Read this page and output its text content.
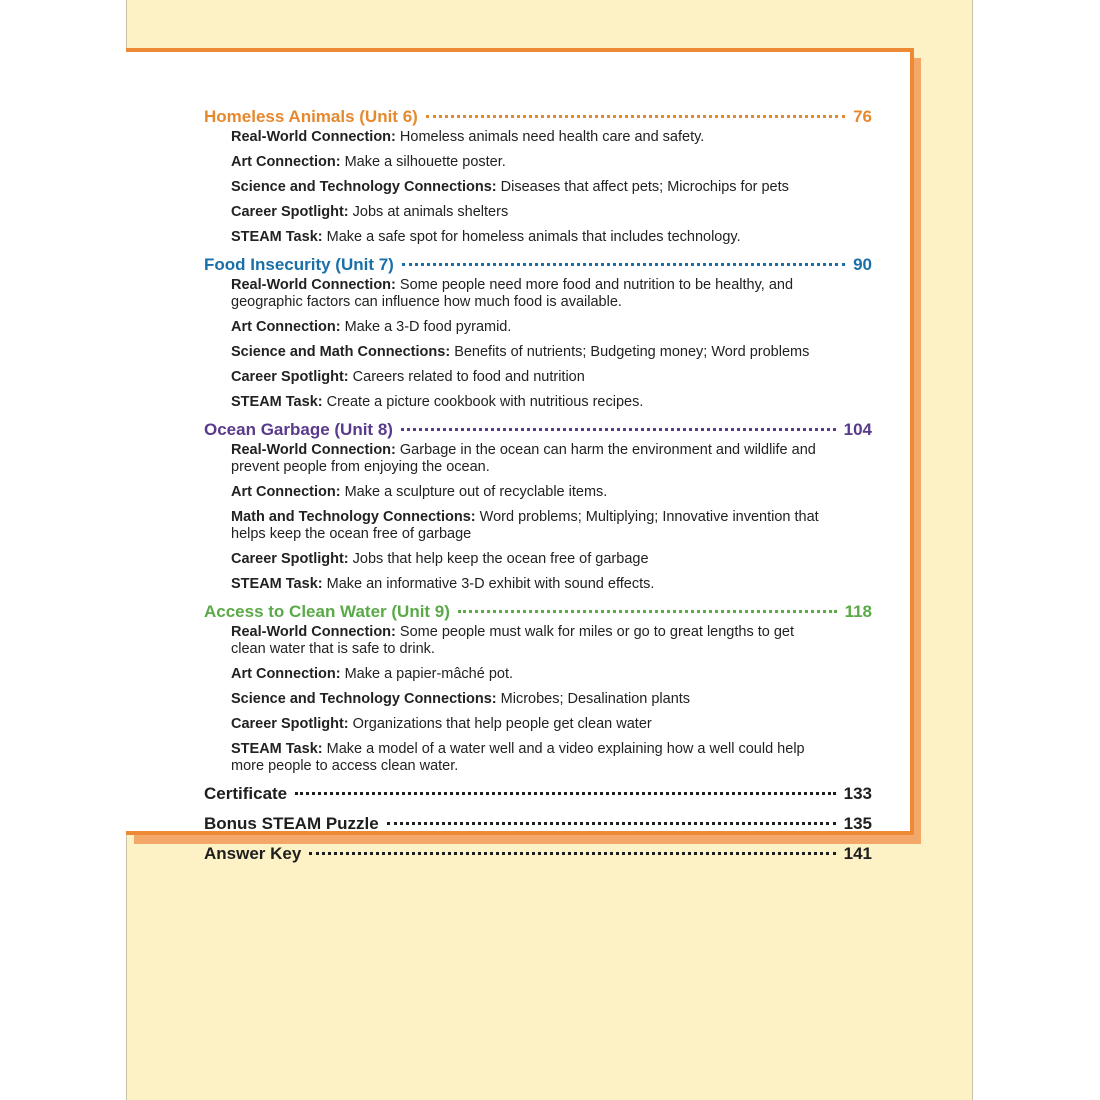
Homeless Animals (Unit 6)	76
Real-World Connection: Homeless animals need health care and safety.
Art Connection: Make a silhouette poster.
Science and Technology Connections: Diseases that affect pets; Microchips for pets
Career Spotlight: Jobs at animals shelters
STEAM Task: Make a safe spot for homeless animals that includes technology.
Food Insecurity (Unit 7)	90
Real-World Connection: Some people need more food and nutrition to be healthy, and geographic factors can influence how much food is available.
Art Connection: Make a 3-D food pyramid.
Science and Math Connections: Benefits of nutrients; Budgeting money; Word problems
Career Spotlight: Careers related to food and nutrition
STEAM Task: Create a picture cookbook with nutritious recipes.
Ocean Garbage (Unit 8)	104
Real-World Connection: Garbage in the ocean can harm the environment and wildlife and prevent people from enjoying the ocean.
Art Connection: Make a sculpture out of recyclable items.
Math and Technology Connections: Word problems; Multiplying; Innovative invention that helps keep the ocean free of garbage
Career Spotlight: Jobs that help keep the ocean free of garbage
STEAM Task: Make an informative 3-D exhibit with sound effects.
Access to Clean Water (Unit 9)	118
Real-World Connection: Some people must walk for miles or go to great lengths to get clean water that is safe to drink.
Art Connection: Make a papier-mâché pot.
Science and Technology Connections: Microbes; Desalination plants
Career Spotlight: Organizations that help people get clean water
STEAM Task: Make a model of a water well and a video explaining how a well could help more people to access clean water.
Certificate	133
Bonus STEAM Puzzle	135
Answer Key	141
